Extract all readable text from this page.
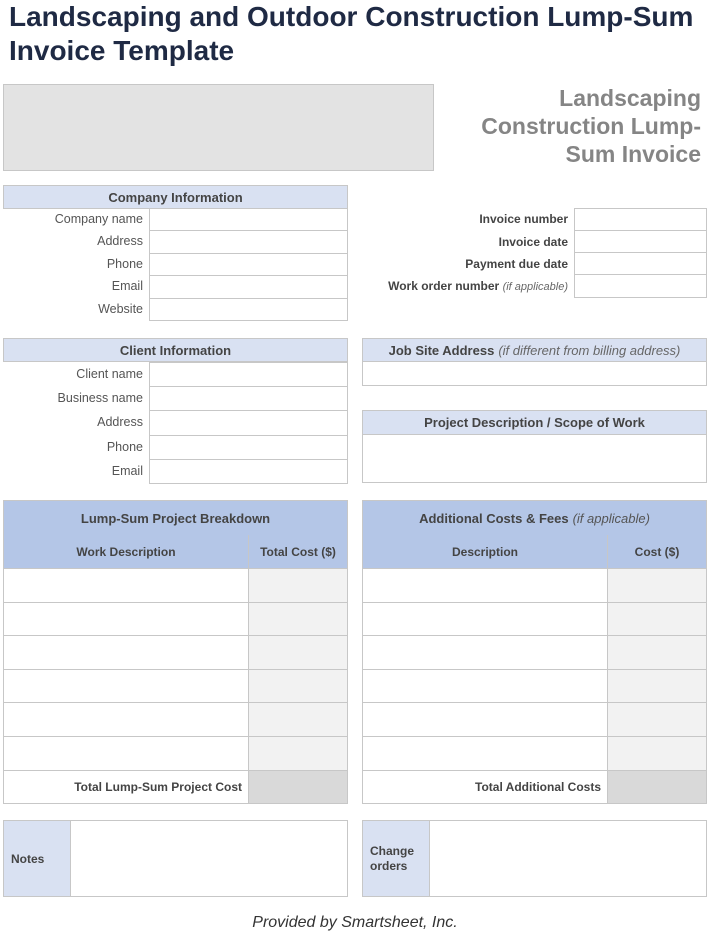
Landscaping and Outdoor Construction Lump-Sum Invoice Template
Landscaping Construction Lump-Sum Invoice
Company Information
Company name
Address
Phone
Email
Website
Invoice number
Invoice date
Payment due date
Work order number (if applicable)
Client Information
Client name
Business name
Address
Phone
Email
Job Site Address (if different from billing address)
Project Description / Scope of Work
Lump-Sum Project Breakdown
Work Description	Total Cost ($)
Total Lump-Sum Project Cost
Additional Costs & Fees (if applicable)
Description	Cost ($)
Total Additional Costs
Notes
Change orders
Provided by Smartsheet, Inc.
